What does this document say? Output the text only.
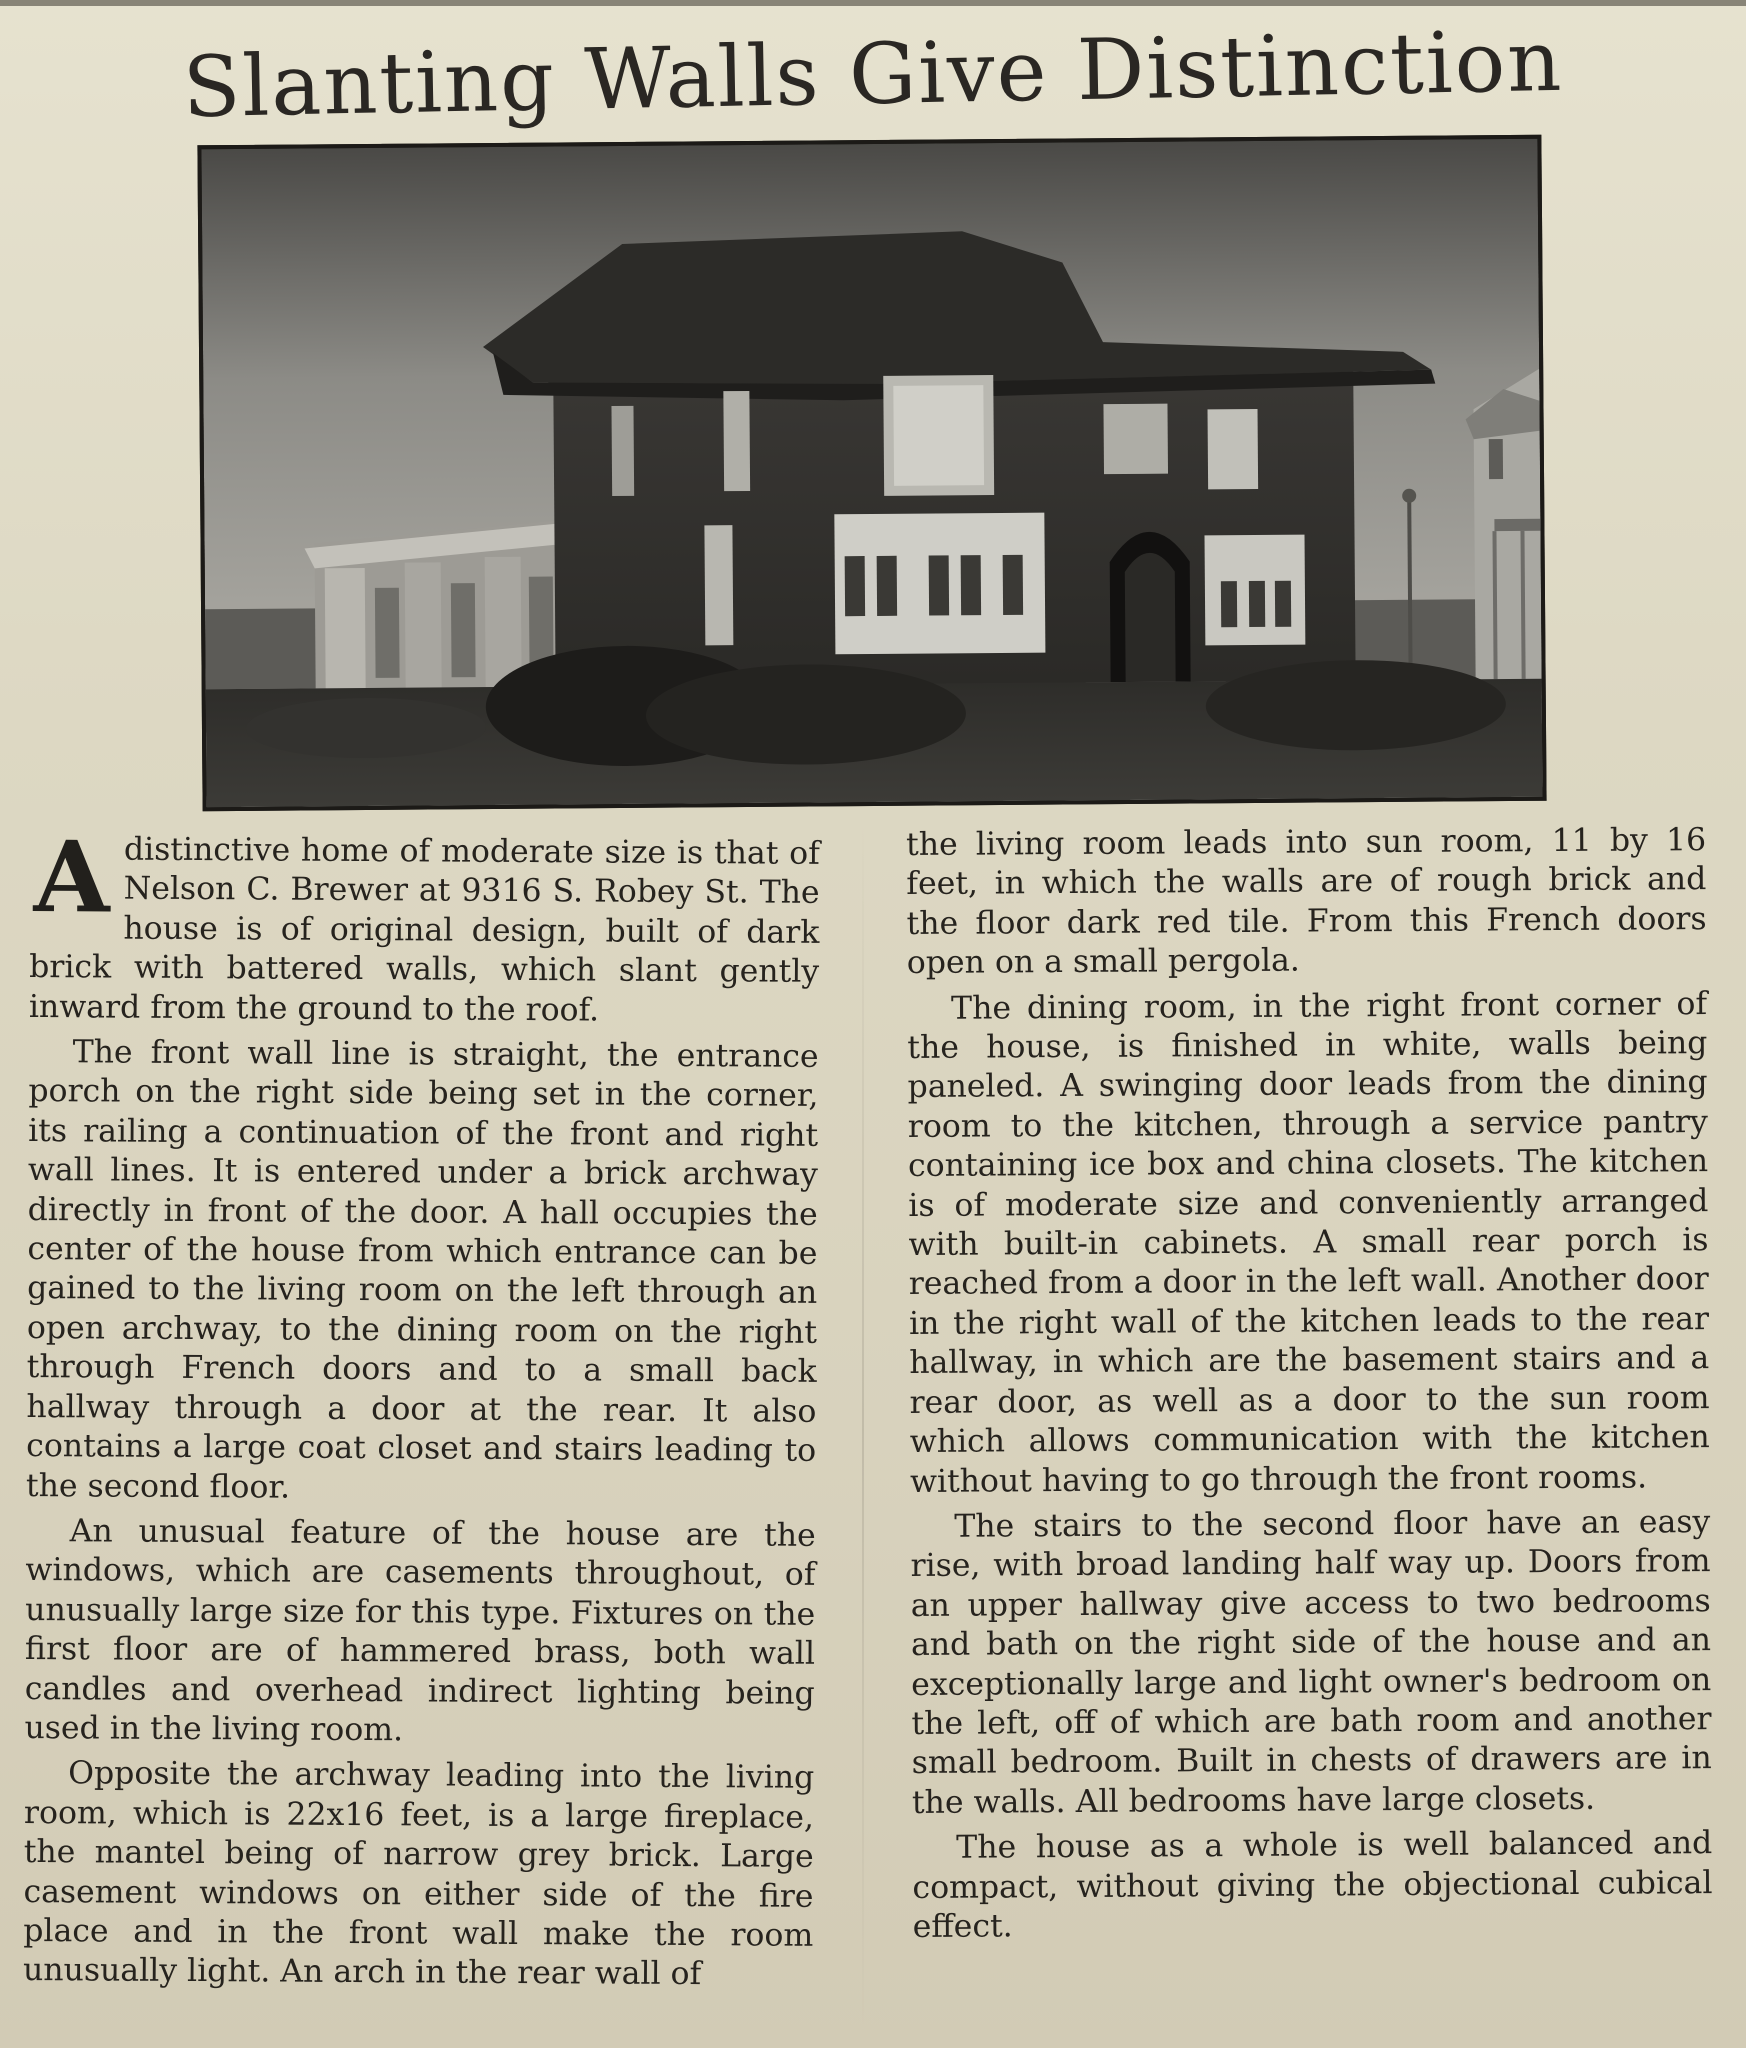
Slanting Walls Give Distinction

Adistinctive home of moderate size is that of Nelson C. Brewer at 9316 S. Robey St. The house is of original design, built of dark brick with battered walls, which slant gently inward from the ground to the roof.

The front wall line is straight, the entrance porch on the right side being set in the corner, its railing a continuation of the front and right wall lines. It is entered under a brick archway directly in front of the door. A hall occupies the center of the house from which entrance can be gained to the living room on the left through an open archway, to the dining room on the right through French doors and to a small back hallway through a door at the rear. It also contains a large coat closet and stairs leading to the second floor.

An unusual feature of the house are the windows, which are casements throughout, of unusually large size for this type. Fixtures on the first floor are of hammered brass, both wall candles and overhead indirect lighting being used in the living room.

Opposite the archway leading into the living room, which is 22x16 feet, is a large fireplace, the mantel being of narrow grey brick. Large casement windows on either side of the fire place and in the front wall make the room unusually light. An arch in the rear wall of

the living room leads into sun room, 11 by 16 feet, in which the walls are of rough brick and the floor dark red tile. From this French doors open on a small pergola.

The dining room, in the right front corner of the house, is finished in white, walls being paneled. A swinging door leads from the dining room to the kitchen, through a service pantry containing ice box and china closets. The kitchen is of moderate size and conveniently arranged with built-in cabinets. A small rear porch is reached from a door in the left wall. Another door in the right wall of the kitchen leads to the rear hallway, in which are the basement stairs and a rear door, as well as a door to the sun room which allows communication with the kitchen without having to go through the front rooms.

The stairs to the second floor have an easy rise, with broad landing half way up. Doors from an upper hallway give access to two bedrooms and bath on the right side of the house and an exceptionally large and light owner's bedroom on the left, off of which are bath room and another small bedroom. Built in chests of drawers are in the walls. All bedrooms have large closets.

The house as a whole is well balanced and compact, without giving the objectional cubical effect.
